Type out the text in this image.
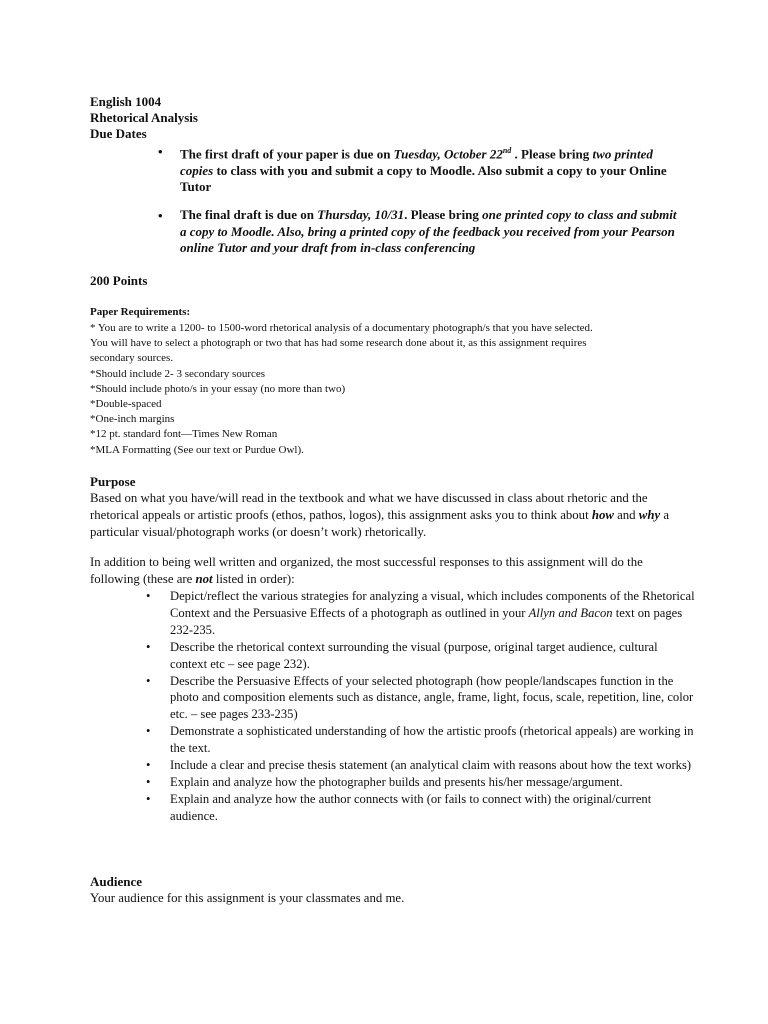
English 1004
Rhetorical Analysis
Due Dates
• The first draft of your paper is due on Tuesday, October 22nd . Please bring two printed copies to class with you and submit a copy to Moodle. Also submit a copy to your Online Tutor
• The final draft is due on Thursday, 10/31. Please bring one printed copy to class and submit a copy to Moodle. Also, bring a printed copy of the feedback you received from your Pearson online Tutor and your draft from in-class conferencing
200 Points
Paper Requirements:
* You are to write a 1200- to 1500-word rhetorical analysis of a documentary photograph/s that you have selected.
You will have to select a photograph or two that has had some research done about it, as this assignment requires
secondary sources.
*Should include 2- 3 secondary sources
*Should include photo/s in your essay (no more than two)
*Double-spaced
*One-inch margins
*12 pt. standard font—Times New Roman
*MLA Formatting (See our text or Purdue Owl).
Purpose
Based on what you have/will read in the textbook and what we have discussed in class about rhetoric and the rhetorical appeals or artistic proofs (ethos, pathos, logos), this assignment asks you to think about how and why a particular visual/photograph works (or doesn’t work) rhetorically.
In addition to being well written and organized, the most successful responses to this assignment will do the following (these are not listed in order):
• Depict/reflect the various strategies for analyzing a visual, which includes components of the Rhetorical Context and the Persuasive Effects of a photograph as outlined in your Allyn and Bacon text on pages 232-235.
• Describe the rhetorical context surrounding the visual (purpose, original target audience, cultural context etc – see page 232).
• Describe the Persuasive Effects of your selected photograph (how people/landscapes function in the photo and composition elements such as distance, angle, frame, light, focus, scale, repetition, line, color etc. – see pages 233-235)
• Demonstrate a sophisticated understanding of how the artistic proofs (rhetorical appeals) are working in the text.
• Include a clear and precise thesis statement (an analytical claim with reasons about how the text works)
• Explain and analyze how the photographer builds and presents his/her message/argument.
• Explain and analyze how the author connects with (or fails to connect with) the original/current audience.
Audience
Your audience for this assignment is your classmates and me.
